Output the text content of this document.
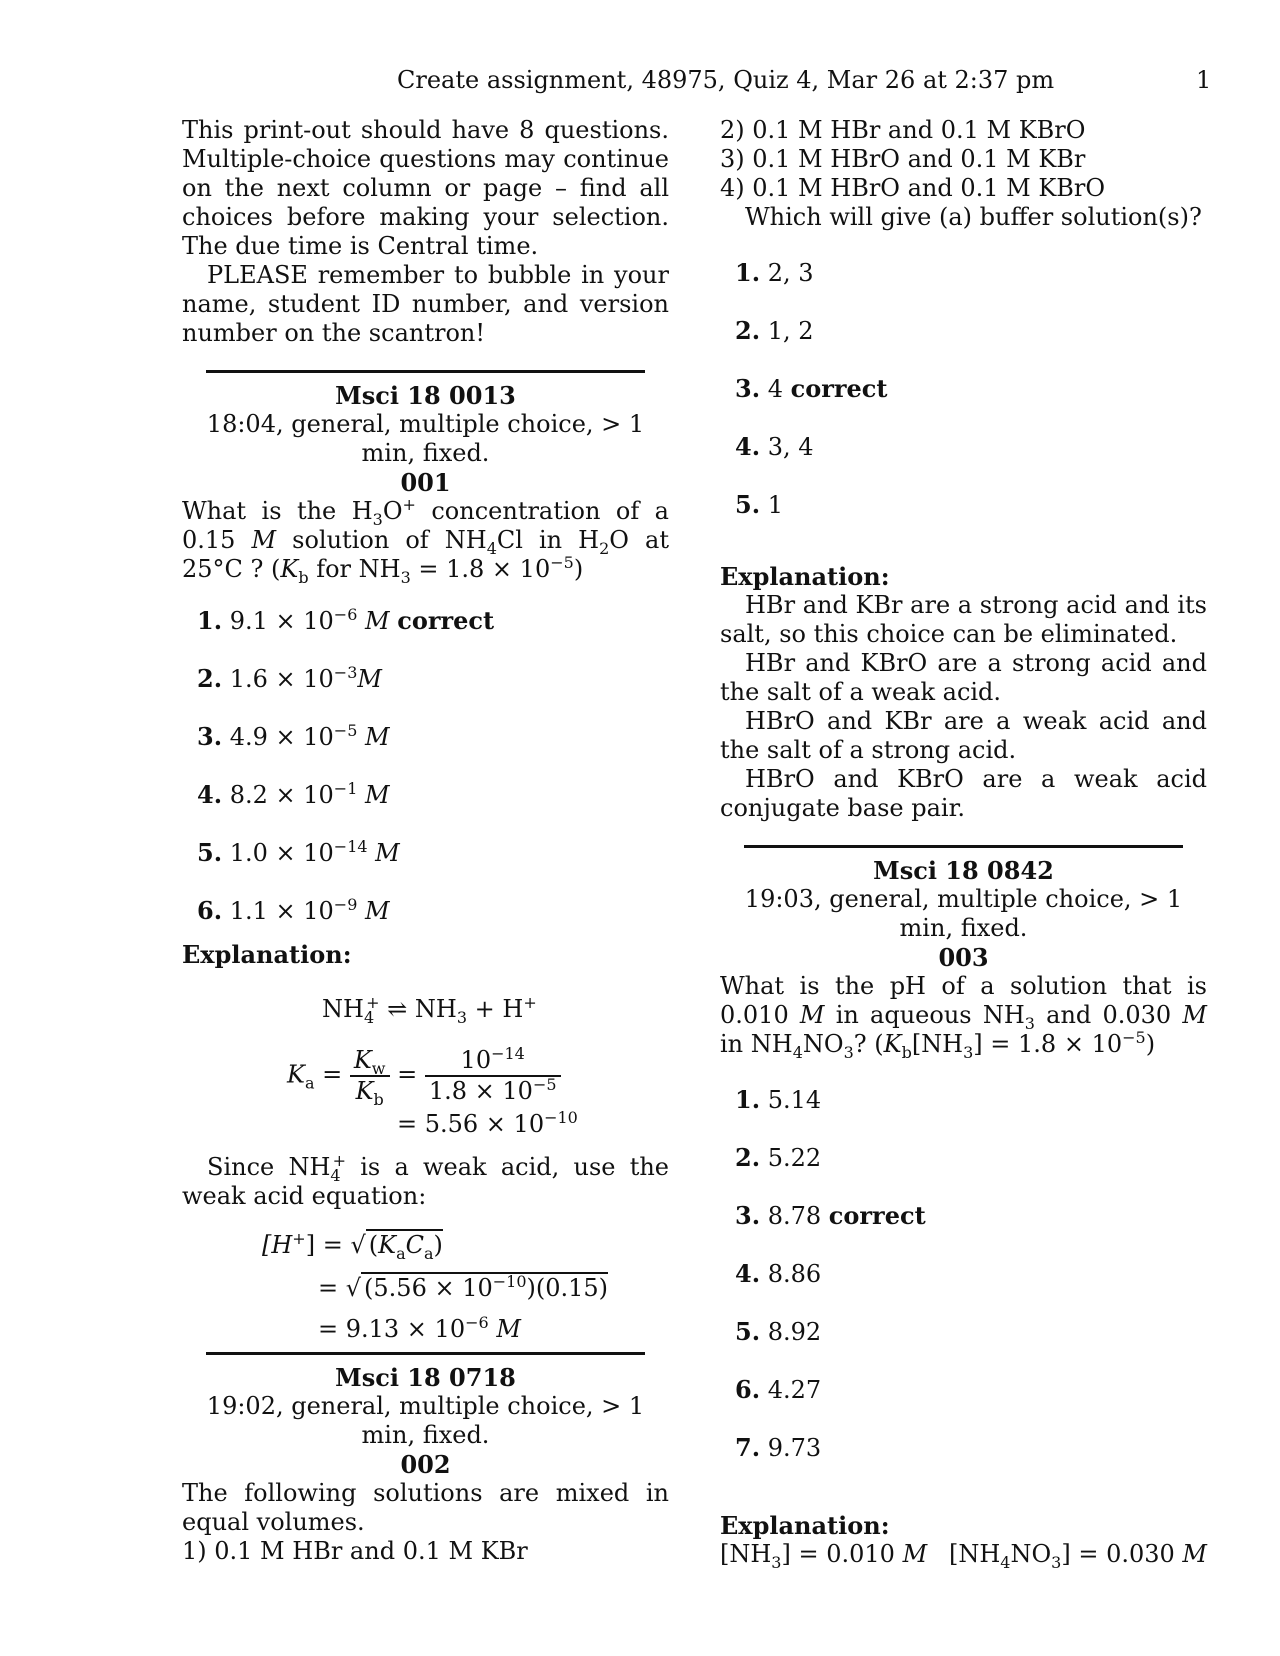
Create assignment, 48975, Quiz 4, Mar 26 at 2:37 pm	1

This print-out should have 8 questions. Multiple-choice questions may continue on the next column or page – find all choices before making your selection. The due time is Central time.

PLEASE remember to bubble in your name, student ID number, and version number on the scantron!

Msci 18 0013
18:04, general, multiple choice, > 1 min, fixed.
001

What is the $H_3O^+$ concentration of a 0.15 M solution of $NH_4Cl$ in $H_2O$ at 25°C ? ($K_b$ for $NH_3 = 1.8 \times 10^{-5}$)

1. $9.1 \times 10^{-6}$ M correct
2. $1.6 \times 10^{-3}M$
3. $4.9 \times 10^{-5}$ M
4. $8.2 \times 10^{-1}$ M
5. $1.0 \times 10^{-14}$ M
6. $1.1 \times 10^{-9}$ M
Explanation:
$NH_4^+$ ⇌ $NH_3 + H^+$
$K_a = \frac{K_w}{K_b} = \frac{10^{-14}}{1.8 \times 10^{-5}}$
= $5.56 \times 10^{-10}$

Since $NH_4^+$ is a weak acid, use the weak acid equation:

[H+] = √ $(K_aC_a)$
= √ $(5.56 \times 10^{-10})(0.15)$
= $9.13 \times 10^{-6}$ M
Msci 18 0718
19:02, general, multiple choice, > 1 min, fixed.
002

The following solutions are mixed in equal volumes.

1) 0.1 M HBr and 0.1 M KBr
2) 0.1 M HBr and 0.1 M KBrO
3) 0.1 M HBrO and 0.1 M KBr
4) 0.1 M HBrO and 0.1 M KBrO
Which will give (a) buffer solution(s)?
1. 2, 3
2. 1, 2
3. 4 correct
4. 3, 4
5. 1
Explanation:

HBr and KBr are a strong acid and its salt, so this choice can be eliminated.

HBr and KBrO are a strong acid and the salt of a weak acid.

HBrO and KBr are a weak acid and the salt of a strong acid.

HBrO and KBrO are a weak acid conjugate base pair.

Msci 18 0842
19:03, general, multiple choice, > 1 min, fixed.
003

What is the pH of a solution that is 0.010 M in aqueous $NH_3$ and 0.030 M in $NH_4NO_3$? $(K_b[NH_3] = 1.8 \times 10^{-5})$

1. 5.14
2. 5.22
3. 8.78 correct
4. 8.86
5. 8.92
6. 4.27
7. 9.73
Explanation:
$[NH_3] = 0.010$ M $[NH_4NO_3] = 0.030$ M
